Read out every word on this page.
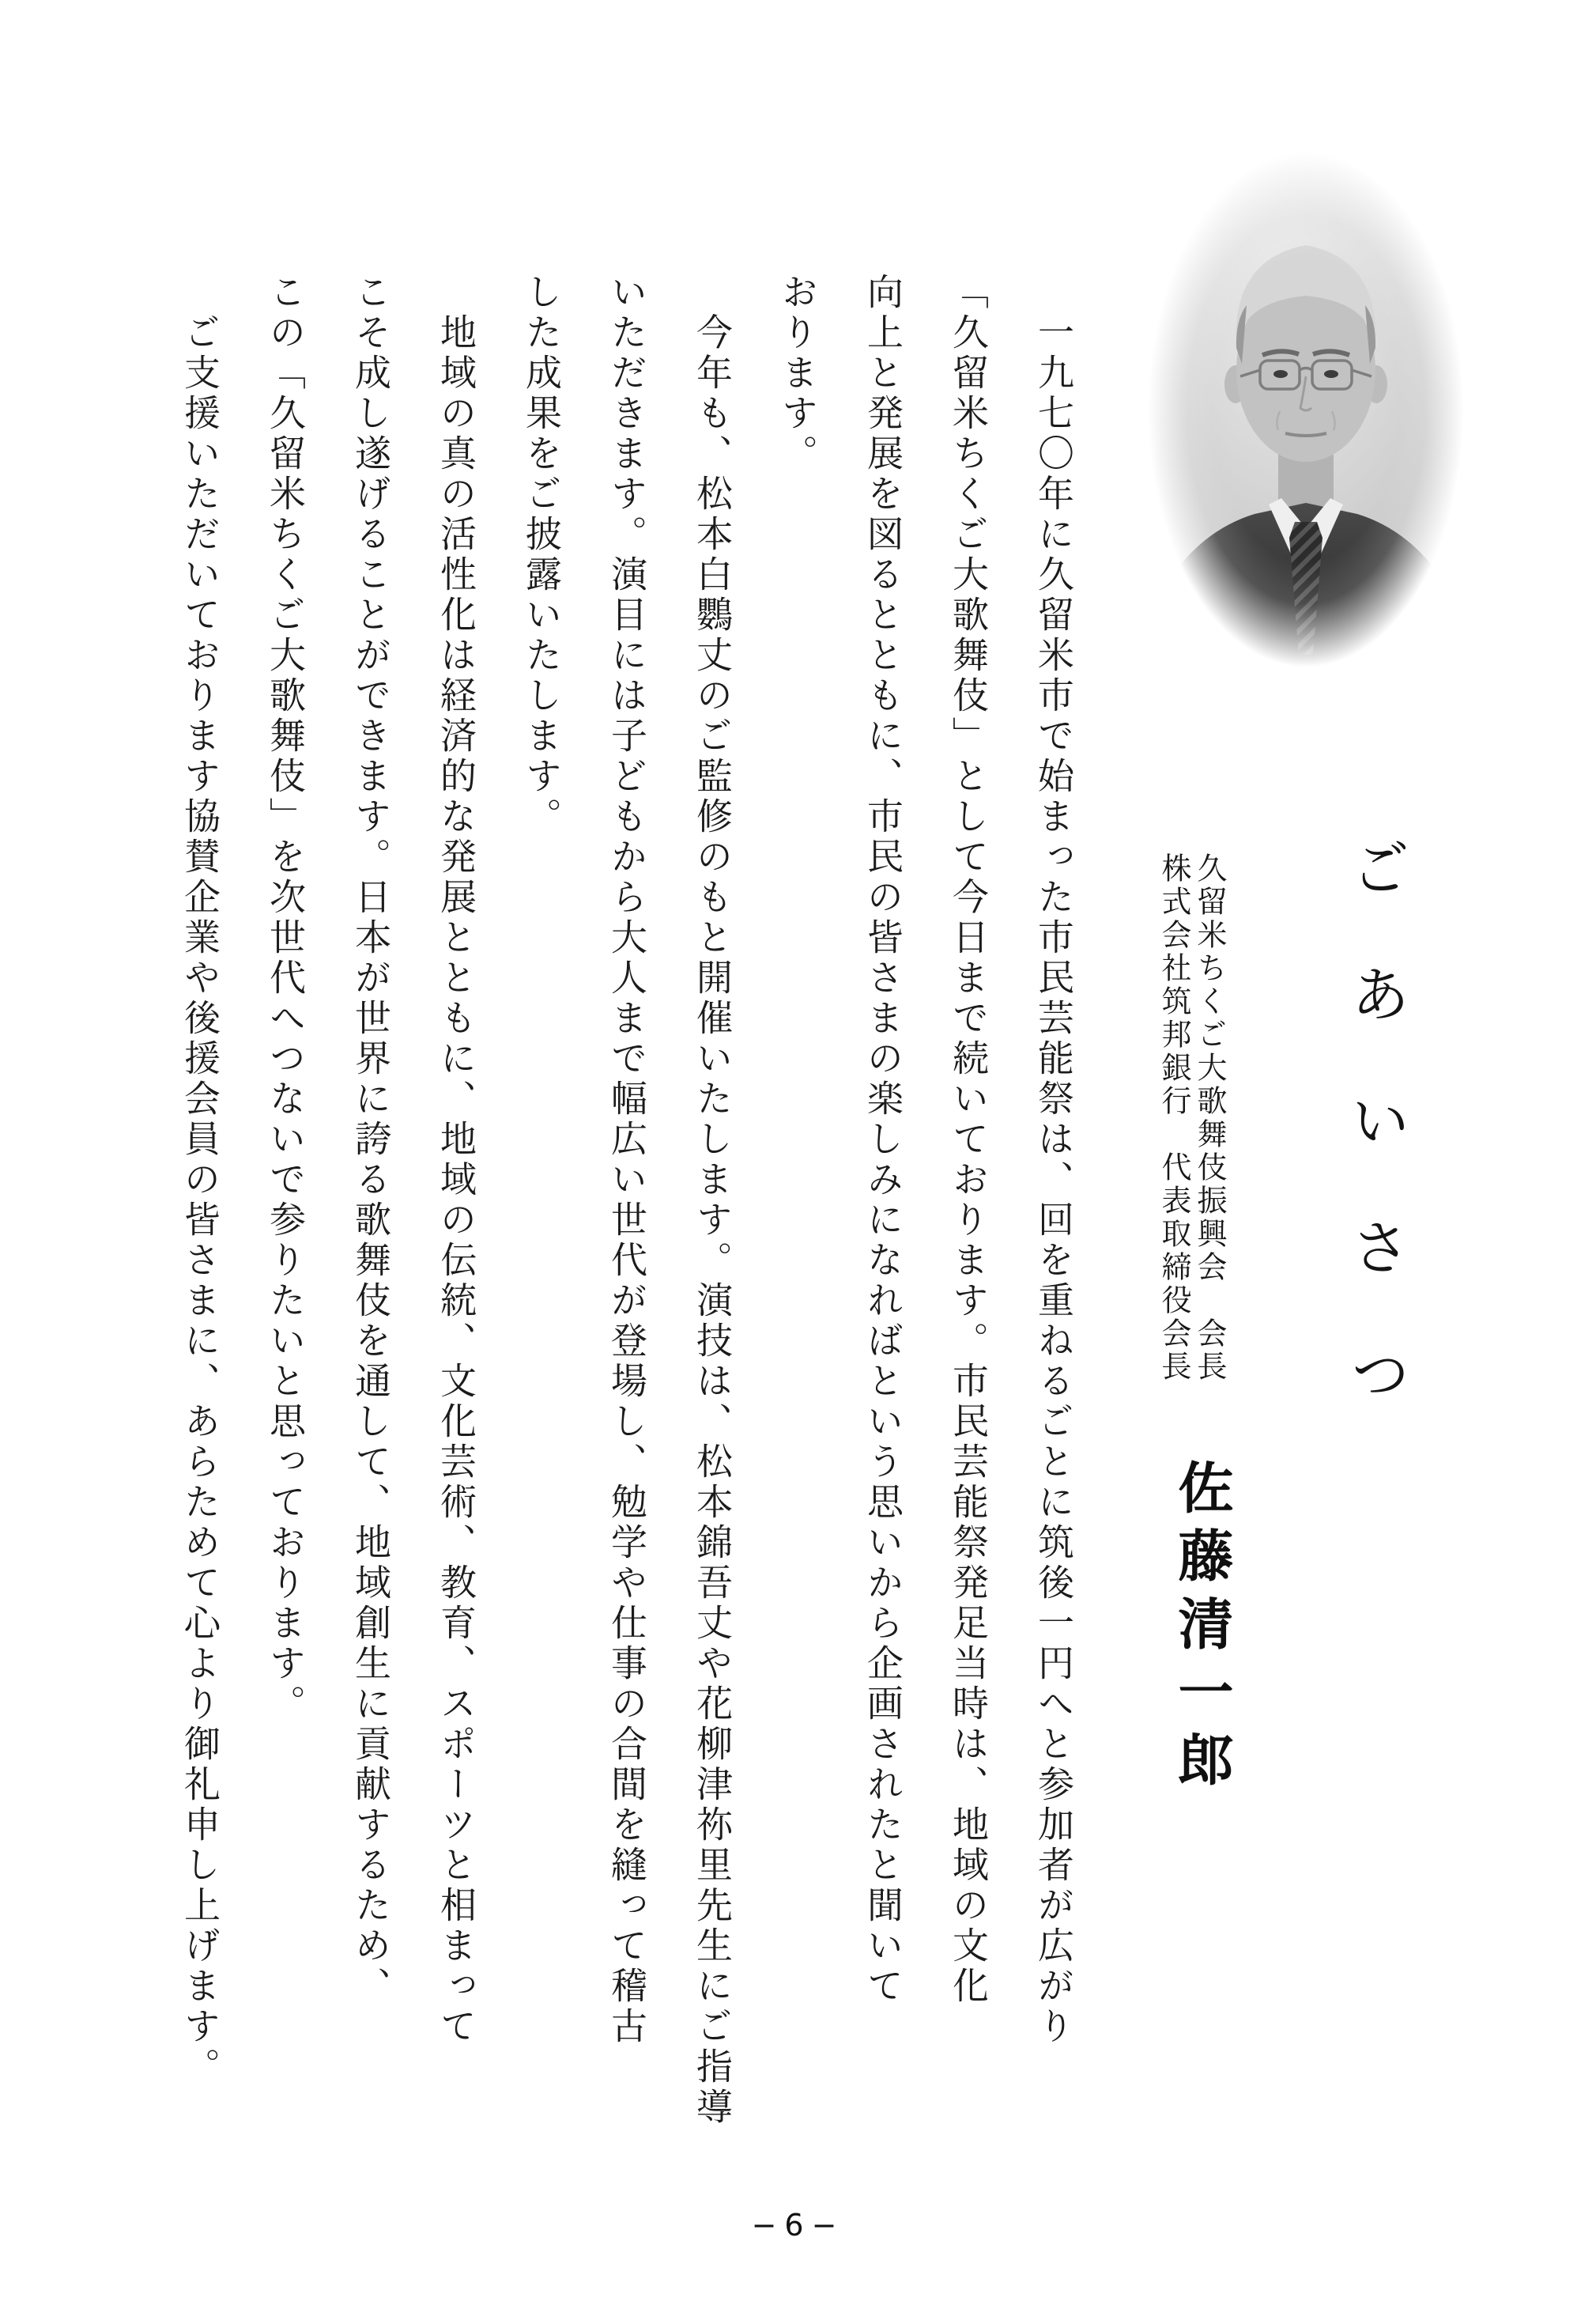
ごあいさつ
久留米ちくご大歌舞伎振興会　会長
株式会社筑邦銀行　代表取締役会長
佐藤清一郎
一九七〇年に久留米市で始まった市民芸能祭は、回を重ねるごとに筑後一円へと参加者が広がり
「久留米ちくご大歌舞伎」として今日まで続いております。市民芸能祭発足当時は、地域の文化
向上と発展を図るとともに、市民の皆さまの楽しみになればという思いから企画されたと聞いて
おります。
今年も、松本白鸚丈のご監修のもと開催いたします。演技は、松本錦吾丈や花柳津祢里先生にご指導
いただきます。演目には子どもから大人まで幅広い世代が登場し、勉学や仕事の合間を縫って稽古
した成果をご披露いたします。
地域の真の活性化は経済的な発展とともに、地域の伝統、文化芸術、教育、スポーツと相まって
こそ成し遂げることができます。日本が世界に誇る歌舞伎を通して、地域創生に貢献するため、
この「久留米ちくご大歌舞伎」を次世代へつないで参りたいと思っております。
ご支援いただいております協賛企業や後援会員の皆さまに、あらためて心より御礼申し上げます。
−6−
